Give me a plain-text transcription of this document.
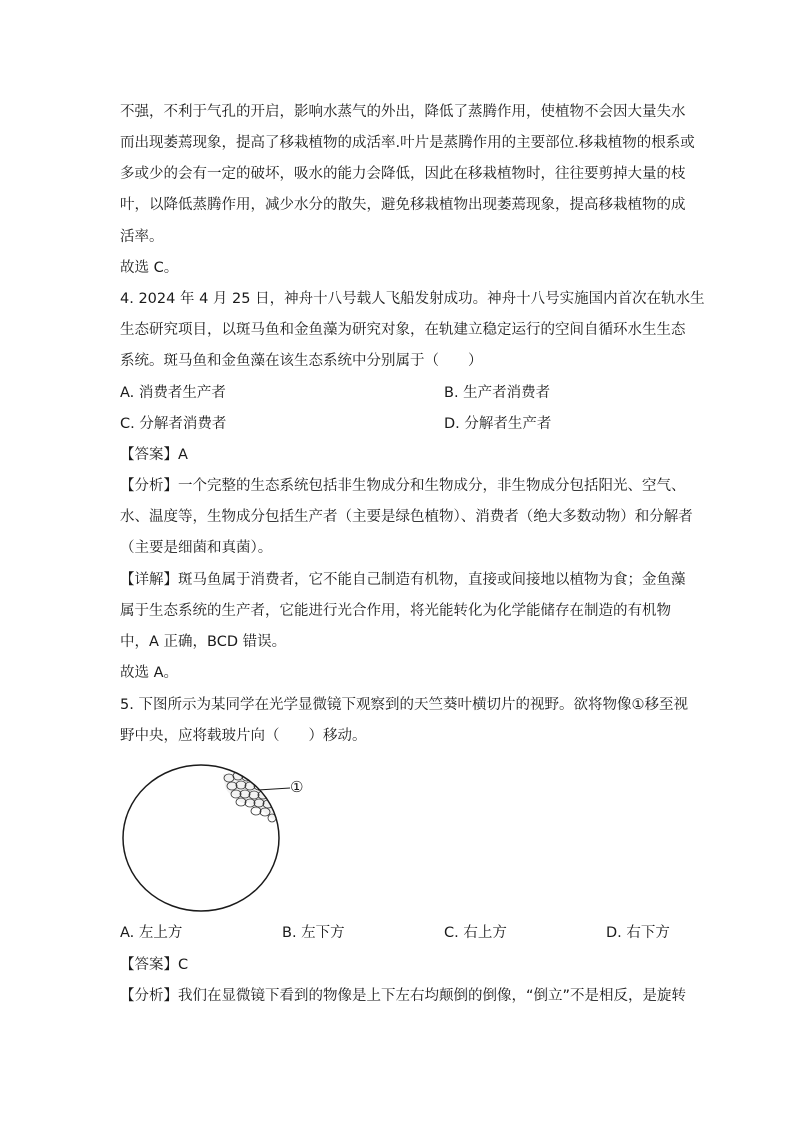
不强，不利于气孔的开启，影响水蒸气的外出，降低了蒸腾作用，使植物不会因大量失水
而出现萎蔫现象，提高了移栽植物的成活率.叶片是蒸腾作用的主要部位.移栽植物的根系或
多或少的会有一定的破坏，吸水的能力会降低，因此在移栽植物时，往往要剪掉大量的枝
叶，以降低蒸腾作用，减少水分的散失，避免移栽植物出现萎蔫现象，提高移栽植物的成
活率。
故选 C。
4. 2024 年 4 月 25 日，神舟十八号载人飞船发射成功。神舟十八号实施国内首次在轨水生
生态研究项目，以斑马鱼和金鱼藻为研究对象，在轨建立稳定运行的空间自循环水生生态
系统。斑马鱼和金鱼藻在该生态系统中分别属于（　　）
A. 消费者生产者	B. 生产者消费者
C. 分解者消费者	D. 分解者生产者
【答案】A
【分析】一个完整的生态系统包括非生物成分和生物成分，非生物成分包括阳光、空气、
水、温度等，生物成分包括生产者（主要是绿色植物）、消费者（绝大多数动物）和分解者
（主要是细菌和真菌）。
【详解】斑马鱼属于消费者，它不能自己制造有机物，直接或间接地以植物为食；金鱼藻
属于生态系统的生产者，它能进行光合作用，将光能转化为化学能储存在制造的有机物
中，A 正确，BCD 错误。
故选 A。
5. 下图所示为某同学在光学显微镜下观察到的天竺葵叶横切片的视野。欲将物像①移至视
野中央，应将载玻片向（　　）移动。
①
A. 左上方	B. 左下方	C. 右上方	D. 右下方
【答案】C
【分析】我们在显微镜下看到的物像是上下左右均颠倒的倒像，“倒立”不是相反，是旋转
